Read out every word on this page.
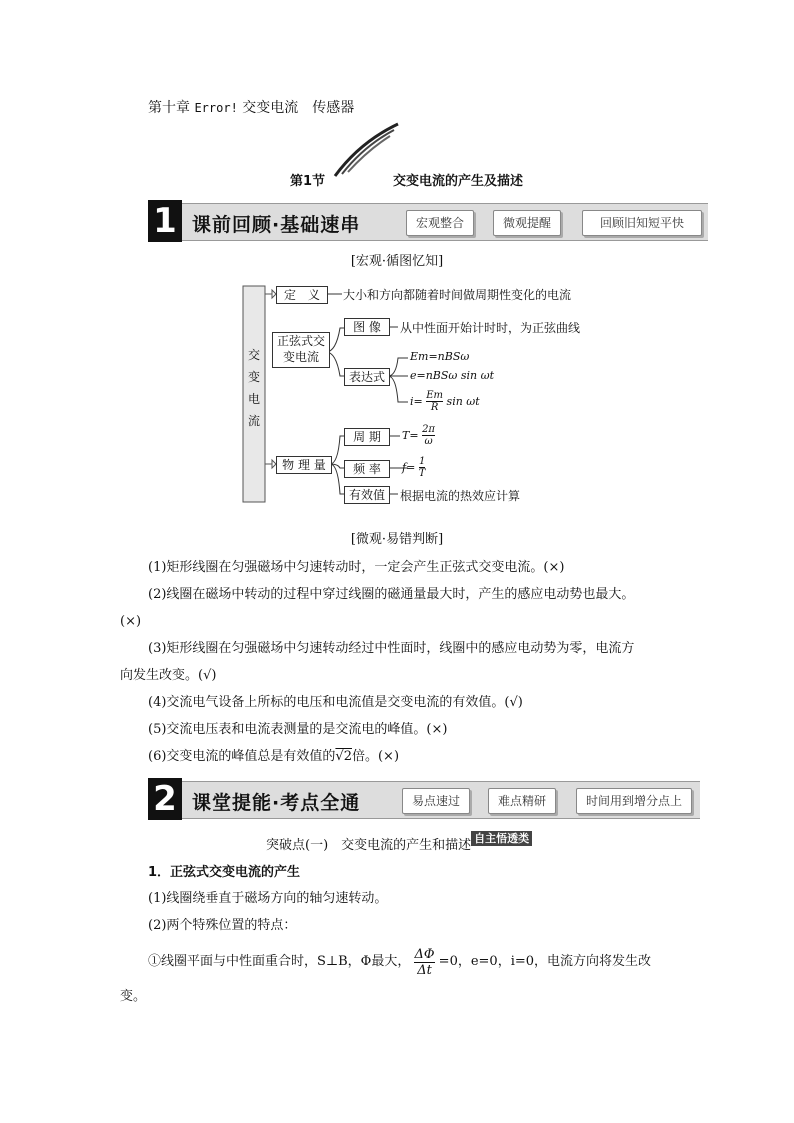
第十章 Error! 交变电流　传感器
第1节	交变电流的产生及描述
1 课前回顾·基础速串	宏观整合	微观提醒	回顾旧知短平快
[宏观·循图忆知]
交变电流
定　义	大小和方向都随着时间做周期性变化的电流
正弦式交变电流
图 像	从中性面开始计时时，为正弦曲线
表达式
Em=nBSω
e=nBSω sin ωt
$i= \frac{Em}{R}$ sin ωt
物 理 量
周 期	$T= \frac{2\pi}{\omega}$
频 率	$f= \frac{1}{T}$
有效值	根据电流的热效应计算
[微观·易错判断]
(1)矩形线圈在匀强磁场中匀速转动时，一定会产生正弦式交变电流。(×)
(2)线圈在磁场中转动的过程中穿过线圈的磁通量最大时，产生的感应电动势也最大。
(×)
(3)矩形线圈在匀强磁场中匀速转动经过中性面时，线圈中的感应电动势为零，电流方
向发生改变。(√)
(4)交流电气设备上所标的电压和电流值是交变电流的有效值。(√)
(5)交流电压表和电流表测量的是交流电的峰值。(×)
(6)交变电流的峰值总是有效值的√2倍。(×)
2 课堂提能·考点全通	易点速过	难点精研	时间用到增分点上
突破点(一)　交变电流的产生和描述 $^{自主悟透类}$
1．正弦式交变电流的产生
(1)线圈绕垂直于磁场方向的轴匀速转动。
(2)两个特殊位置的特点：
①线圈平面与中性面重合时，S⊥B，Φ最大， $\frac{\Delta\Phi}{\Delta t} =0$，e=0，i=0，电流方向将发生改
变。
